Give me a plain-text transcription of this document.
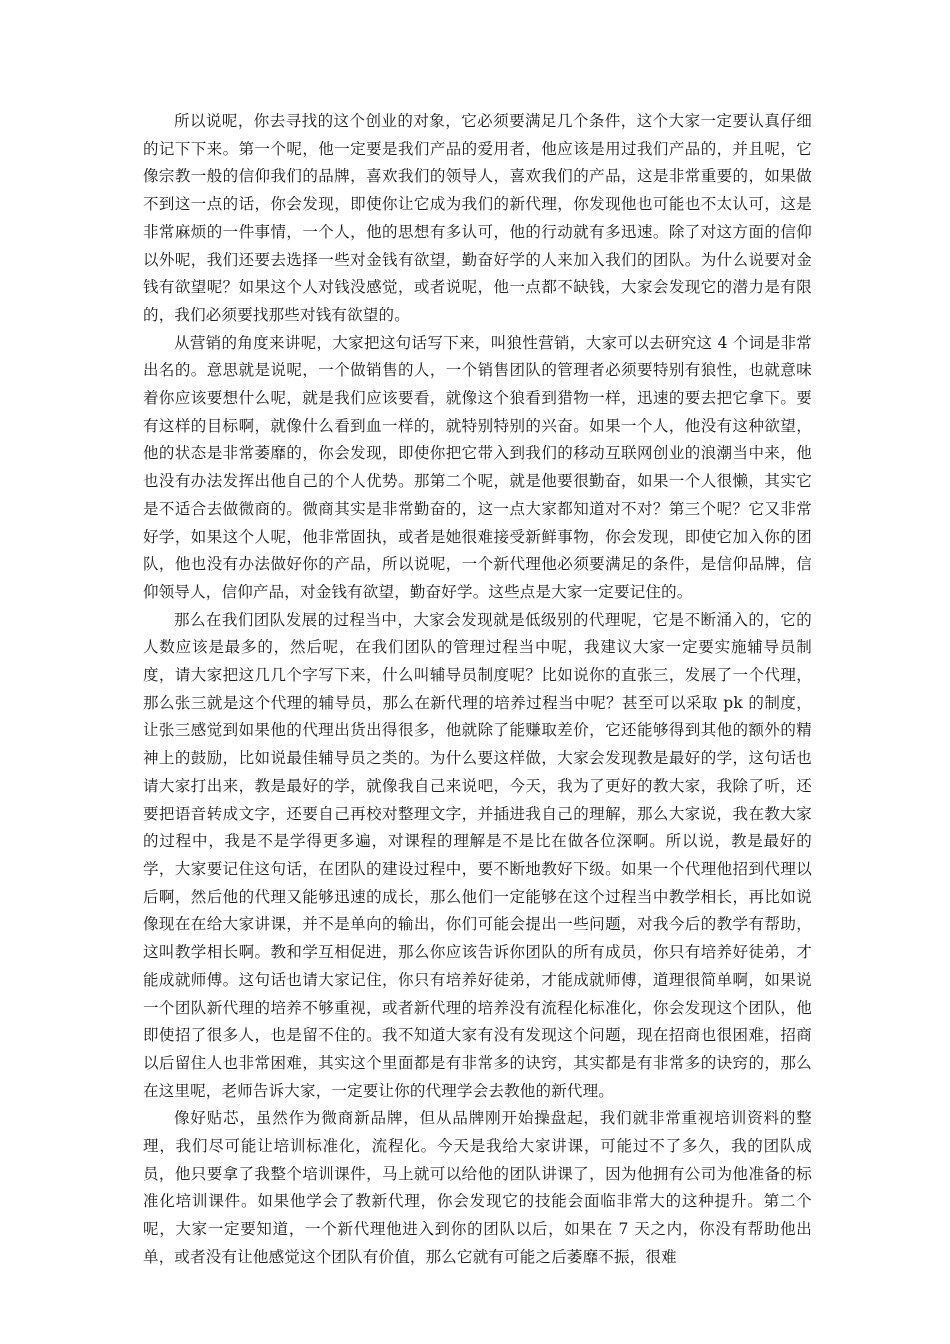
所以说呢，你去寻找的这个创业的对象，它必须要满足几个条件，这个大家一定要认真仔细的记下下来。第一个呢，他一定要是我们产品的爱用者，他应该是用过我们产品的，并且呢，它像宗教一般的信仰我们的品牌，喜欢我们的领导人，喜欢我们的产品，这是非常重要的，如果做不到这一点的话，你会发现，即使你让它成为我们的新代理，你发现他也可能也不太认可，这是非常麻烦的一件事情，一个人，他的思想有多认可，他的行动就有多迅速。除了对这方面的信仰以外呢，我们还要去选择一些对金钱有欲望，勤奋好学的人来加入我们的团队。为什么说要对金钱有欲望呢？如果这个人对钱没感觉，或者说呢，他一点都不缺钱，大家会发现它的潜力是有限的，我们必须要找那些对钱有欲望的。

从营销的角度来讲呢，大家把这句话写下来，叫狼性营销，大家可以去研究这 4 个词是非常出名的。意思就是说呢，一个做销售的人，一个销售团队的管理者必须要特别有狼性，也就意味着你应该要想什么呢，就是我们应该要看，就像这个狼看到猎物一样，迅速的要去把它拿下。要有这样的目标啊，就像什么看到血一样的，就特别特别的兴奋。如果一个人，他没有这种欲望，他的状态是非常萎靡的，你会发现，即使你把它带入到我们的移动互联网创业的浪潮当中来，他也没有办法发挥出他自己的个人优势。那第二个呢，就是他要很勤奋，如果一个人很懒，其实它是不适合去做微商的。微商其实是非常勤奋的，这一点大家都知道对不对？第三个呢？它又非常好学，如果这个人呢，他非常固执，或者是她很难接受新鲜事物，你会发现，即使它加入你的团队，他也没有办法做好你的产品，所以说呢，一个新代理他必须要满足的条件，是信仰品牌，信仰领导人，信仰产品，对金钱有欲望，勤奋好学。这些点是大家一定要记住的。

那么在我们团队发展的过程当中，大家会发现就是低级别的代理呢，它是不断涌入的，它的人数应该是最多的，然后呢，在我们团队的管理过程当中呢，我建议大家一定要实施辅导员制度，请大家把这几几个字写下来，什么叫辅导员制度呢？比如说你的直张三，发展了一个代理，那么张三就是这个代理的辅导员，那么在新代理的培养过程当中呢？甚至可以采取 pk 的制度，让张三感觉到如果他的代理出货出得很多，他就除了能赚取差价，它还能够得到其他的额外的精神上的鼓励，比如说最佳辅导员之类的。为什么要这样做，大家会发现教是最好的学，这句话也请大家打出来，教是最好的学，就像我自己来说吧，今天，我为了更好的教大家，我除了听，还要把语音转成文字，还要自己再校对整理文字，并插进我自己的理解，那么大家说，我在教大家的过程中，我是不是学得更多遍，对课程的理解是不是比在做各位深啊。所以说，教是最好的学，大家要记住这句话，在团队的建设过程中，要不断地教好下级。如果一个代理他招到代理以后啊，然后他的代理又能够迅速的成长，那么他们一定能够在这个过程当中教学相长，再比如说像现在在给大家讲课，并不是单向的输出，你们可能会提出一些问题，对我今后的教学有帮助，这叫教学相长啊。教和学互相促进，那么你应该告诉你团队的所有成员，你只有培养好徒弟，才能成就师傅。这句话也请大家记住，你只有培养好徒弟，才能成就师傅，道理很简单啊，如果说一个团队新代理的培养不够重视，或者新代理的培养没有流程化标准化，你会发现这个团队，他即使招了很多人，也是留不住的。我不知道大家有没有发现这个问题，现在招商也很困难，招商以后留住人也非常困难，其实这个里面都是有非常多的诀窍，其实都是有非常多的诀窍的，那么在这里呢，老师告诉大家，一定要让你的代理学会去教他的新代理。

像好贴芯，虽然作为微商新品牌，但从品牌刚开始操盘起，我们就非常重视培训资料的整理，我们尽可能让培训标准化，流程化。今天是我给大家讲课，可能过不了多久，我的团队成员，他只要拿了我整个培训课件，马上就可以给他的团队讲课了，因为他拥有公司为他准备的标准化培训课件。如果他学会了教新代理，你会发现它的技能会面临非常大的这种提升。第二个呢，大家一定要知道，一个新代理他进入到你的团队以后，如果在 7 天之内，你没有帮助他出单，或者没有让他感觉这个团队有价值，那么它就有可能之后萎靡不振，很难
